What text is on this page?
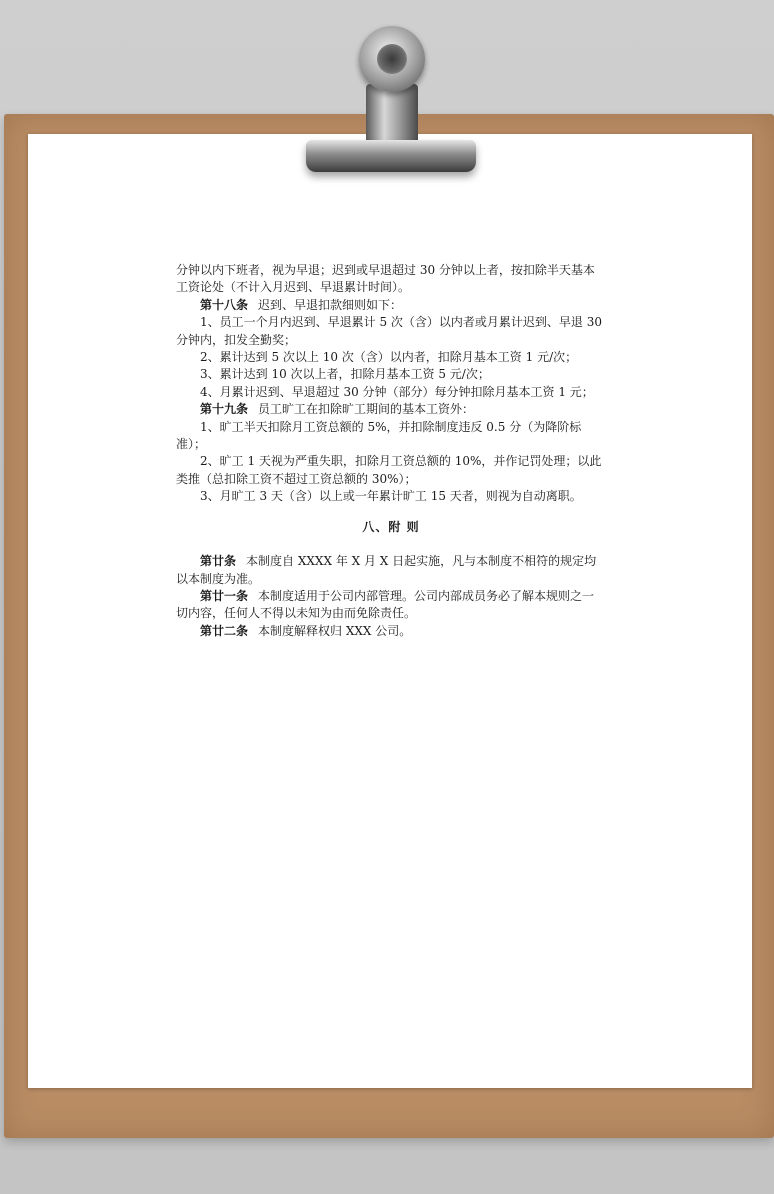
分钟以内下班者，视为早退；迟到或早退超过 30 分钟以上者，按扣除半天基本工资论处（不计入月迟到、早退累计时间）。

第十八条 迟到、早退扣款细则如下：

1、员工一个月内迟到、早退累计 5 次（含）以内者或月累计迟到、早退 30 分钟内，扣发全勤奖；

2、累计达到 5 次以上 10 次（含）以内者，扣除月基本工资 1 元/次；

3、累计达到 10 次以上者，扣除月基本工资 5 元/次；

4、月累计迟到、早退超过 30 分钟（部分）每分钟扣除月基本工资 1 元；

第十九条 员工旷工在扣除旷工期间的基本工资外：

1、旷工半天扣除月工资总额的 5%，并扣除制度违反 0.5 分（为降阶标准）；

2、旷工 1 天视为严重失职，扣除月工资总额的 10%，并作记罚处理；以此类推（总扣除工资不超过工资总额的 30%）；

3、月旷工 3 天（含）以上或一年累计旷工 15 天者，则视为自动离职。

八、附 则

第廿条 本制度自 XXXX 年 X 月 X 日起实施，凡与本制度不相符的规定均以本制度为准。

第廿一条 本制度适用于公司内部管理。公司内部成员务必了解本规则之一切内容，任何人不得以未知为由而免除责任。

第廿二条 本制度解释权归 XXX 公司。
